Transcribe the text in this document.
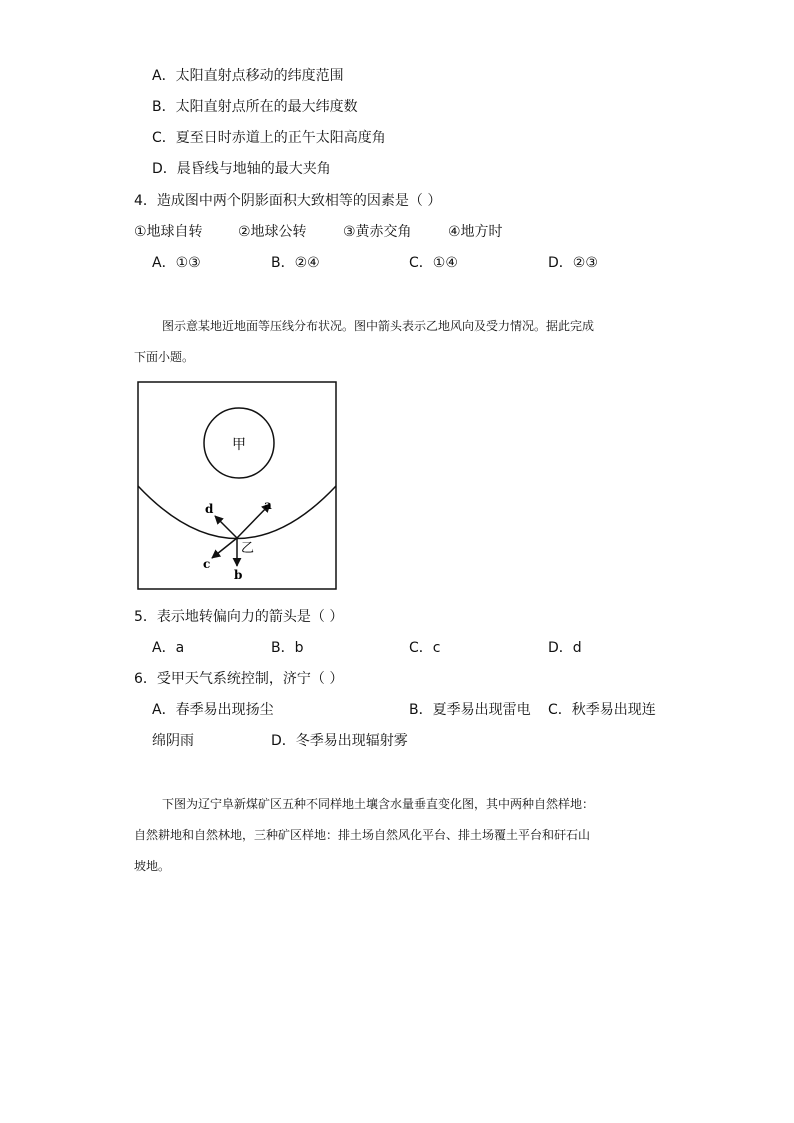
A．太阳直射点移动的纬度范围
B．太阳直射点所在的最大纬度数
C．夏至日时赤道上的正午太阳高度角
D．晨昏线与地轴的最大夹角
4．造成图中两个阴影面积大致相等的因素是（ ）
①地球自转	②地球公转	③黄赤交角	④地方时
A．①③	B．②④	C．①④	D．②③
图示意某地近地面等压线分布状况。图中箭头表示乙地风向及受力情况。据此完成
下面小题。
甲
乙
a
b
c
d
5．表示地转偏向力的箭头是（ ）
A．a	B．b	C．c	D．d
6．受甲天气系统控制，济宁（ ）
A．春季易出现扬尘	B．夏季易出现雷电 C．秋季易出现连
绵阴雨	D．冬季易出现辐射雾
下图为辽宁阜新煤矿区五种不同样地土壤含水量垂直变化图，其中两种自然样地：
自然耕地和自然林地，三种矿区样地：排土场自然风化平台、排土场覆土平台和矸石山
坡地。
